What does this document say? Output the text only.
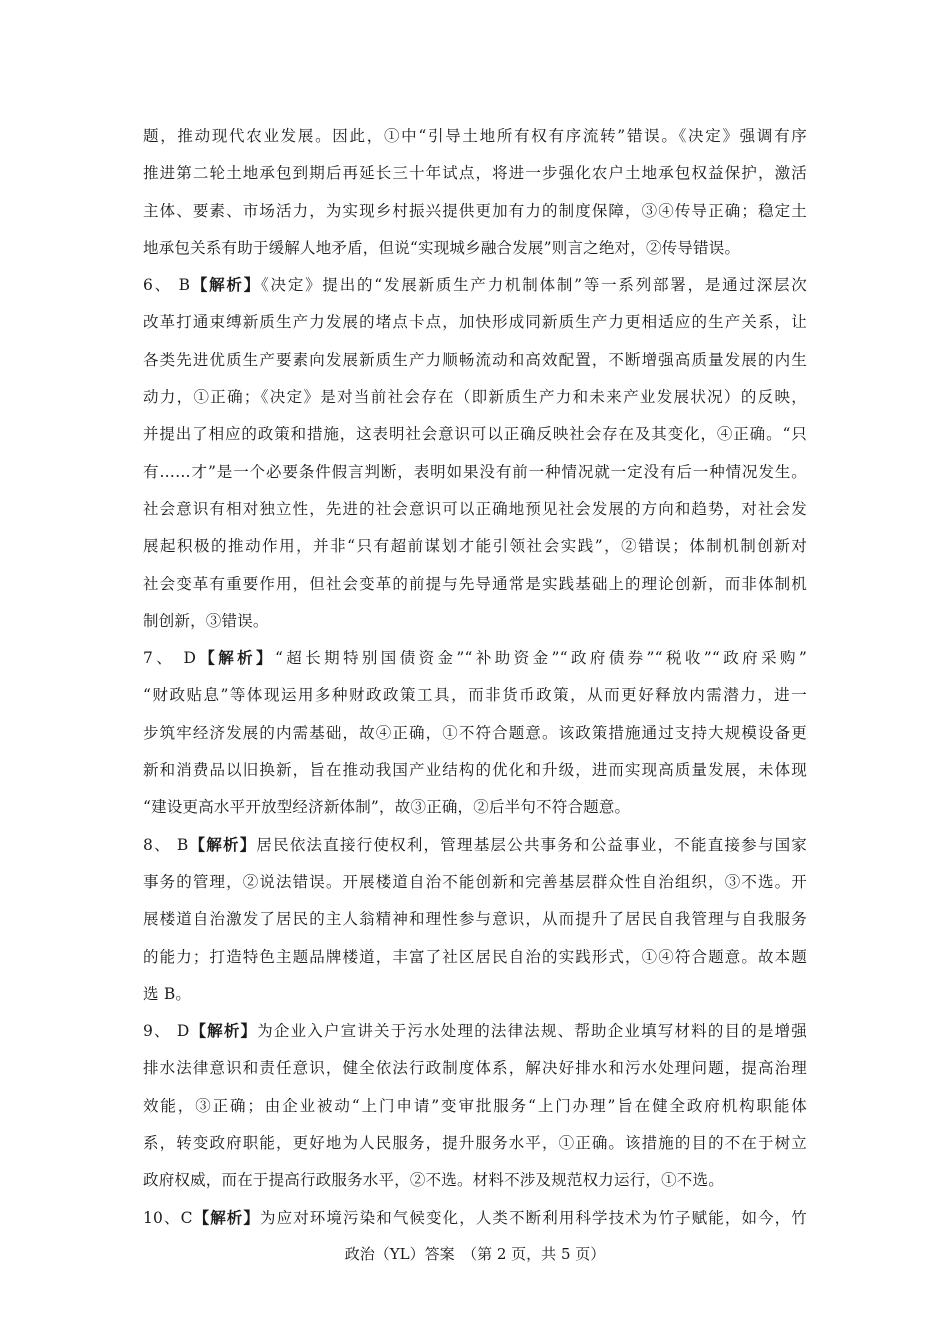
题，推动现代农业发展。因此，①中“引导土地所有权有序流转”错误。《决定》强调有序
推进第二轮土地承包到期后再延长三十年试点，将进一步强化农户土地承包权益保护，激活
主体、要素、市场活力，为实现乡村振兴提供更加有力的制度保障，③④传导正确；稳定土
地承包关系有助于缓解人地矛盾，但说“实现城乡融合发展”则言之绝对，②传导错误。
6、 B【解析】《决定》提出的“发展新质生产力机制体制”等一系列部署，是通过深层次
改革打通束缚新质生产力发展的堵点卡点，加快形成同新质生产力更相适应的生产关系，让
各类先进优质生产要素向发展新质生产力顺畅流动和高效配置，不断增强高质量发展的内生
动力，①正确；《决定》是对当前社会存在（即新质生产力和未来产业发展状况）的反映，
并提出了相应的政策和措施，这表明社会意识可以正确反映社会存在及其变化，④正确。“只
有……才”是一个必要条件假言判断，表明如果没有前一种情况就一定没有后一种情况发生。
社会意识有相对独立性，先进的社会意识可以正确地预见社会发展的方向和趋势，对社会发
展起积极的推动作用，并非“只有超前谋划才能引领社会实践”，②错误；体制机制创新对
社会变革有重要作用，但社会变革的前提与先导通常是实践基础上的理论创新，而非体制机
制创新，③错误。
7、 D【解析】“超长期特别国债资金”“补助资金”“政府债券”“税收”“政府采购”
“财政贴息”等体现运用多种财政政策工具，而非货币政策，从而更好释放内需潜力，进一
步筑牢经济发展的内需基础，故④正确，①不符合题意。该政策措施通过支持大规模设备更
新和消费品以旧换新，旨在推动我国产业结构的优化和升级，进而实现高质量发展，未体现
“建设更高水平开放型经济新体制”，故③正确，②后半句不符合题意。
8、 B【解析】居民依法直接行使权利，管理基层公共事务和公益事业，不能直接参与国家
事务的管理，②说法错误。开展楼道自治不能创新和完善基层群众性自治组织，③不选。开
展楼道自治激发了居民的主人翁精神和理性参与意识，从而提升了居民自我管理与自我服务
的能力；打造特色主题品牌楼道，丰富了社区居民自治的实践形式，①④符合题意。故本题
选 B。
9、 D【解析】为企业入户宣讲关于污水处理的法律法规、帮助企业填写材料的目的是增强
排水法律意识和责任意识，健全依法行政制度体系，解决好排水和污水处理问题，提高治理
效能，③正确；由企业被动“上门申请”变审批服务“上门办理”旨在健全政府机构职能体
系，转变政府职能，更好地为人民服务，提升服务水平，①正确。该措施的目的不在于树立
政府权威，而在于提高行政服务水平，②不选。材料不涉及规范权力运行，①不选。
10、C【解析】为应对环境污染和气候变化，人类不断利用科学技术为竹子赋能，如今，竹
政治（YL）答案　（第 2 页，共 5 页）
